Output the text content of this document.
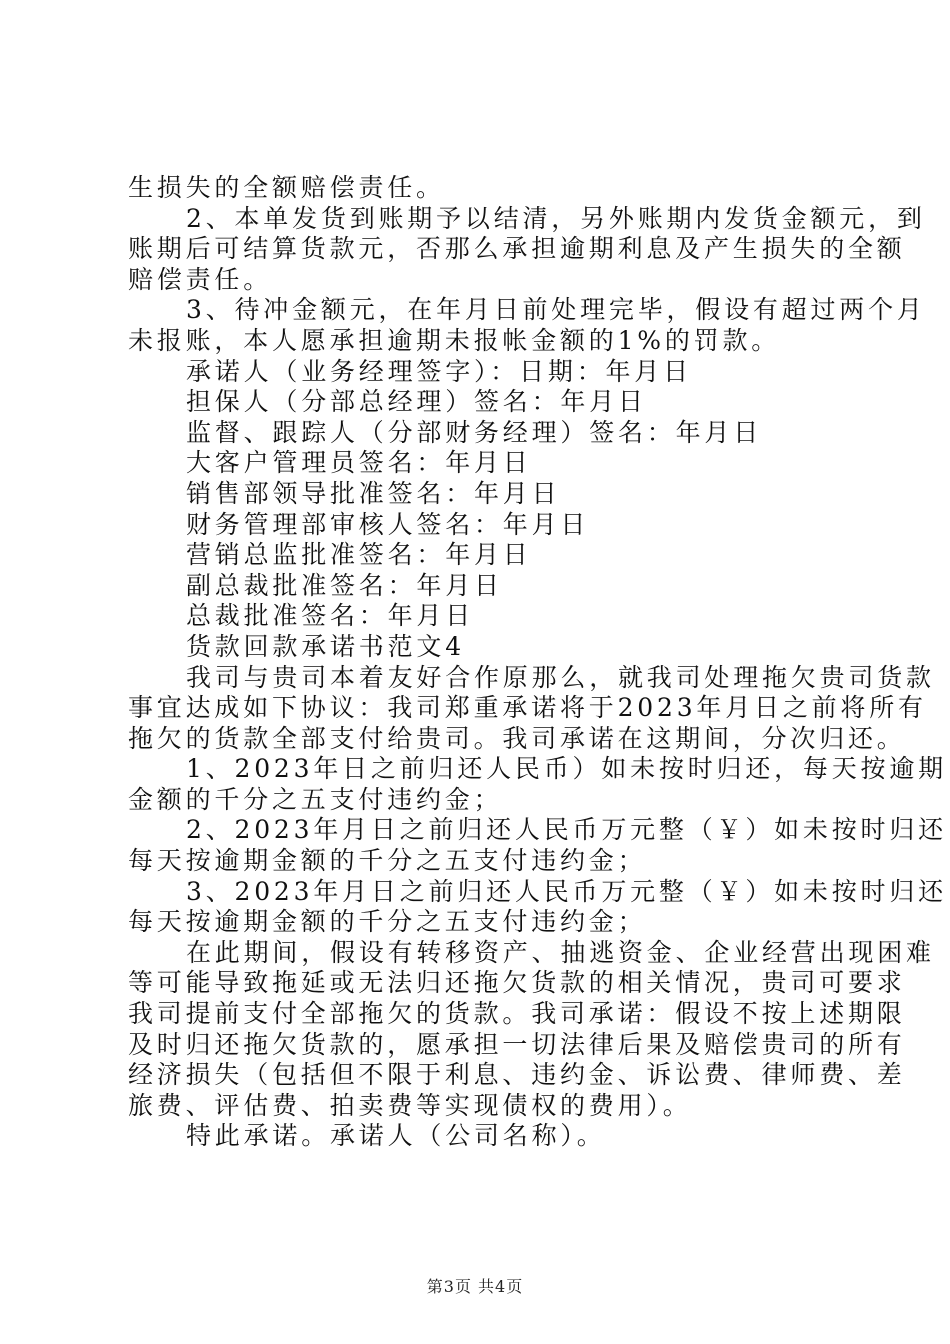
生损失的全额赔偿责任。
2、本单发货到账期予以结清，另外账期内发货金额元，到
账期后可结算货款元，否那么承担逾期利息及产生损失的全额
赔偿责任。
3、待冲金额元，在年月日前处理完毕，假设有超过两个月
未报账，本人愿承担逾期未报帐金额的1%的罚款。
承诺人（业务经理签字）：日期：年月日
担保人（分部总经理）签名：年月日
监督、跟踪人（分部财务经理）签名：年月日
大客户管理员签名：年月日
销售部领导批准签名：年月日
财务管理部审核人签名：年月日
营销总监批准签名：年月日
副总裁批准签名：年月日
总裁批准签名：年月日
货款回款承诺书范文4
我司与贵司本着友好合作原那么，就我司处理拖欠贵司货款
事宜达成如下协议：我司郑重承诺将于2023年月日之前将所有
拖欠的货款全部支付给贵司。我司承诺在这期间，分次归还。
1、2023年日之前归还人民币）如未按时归还，每天按逾期
金额的千分之五支付违约金；
2、2023年月日之前归还人民币万元整（￥）如未按时归还
每天按逾期金额的千分之五支付违约金；
3、2023年月日之前归还人民币万元整（￥）如未按时归还
每天按逾期金额的千分之五支付违约金；
在此期间，假设有转移资产、抽逃资金、企业经营出现困难
等可能导致拖延或无法归还拖欠货款的相关情况，贵司可要求
我司提前支付全部拖欠的货款。我司承诺：假设不按上述期限
及时归还拖欠货款的，愿承担一切法律后果及赔偿贵司的所有
经济损失（包括但不限于利息、违约金、诉讼费、律师费、差
旅费、评估费、拍卖费等实现债权的费用）。
特此承诺。承诺人（公司名称）。
第3页 共4页
